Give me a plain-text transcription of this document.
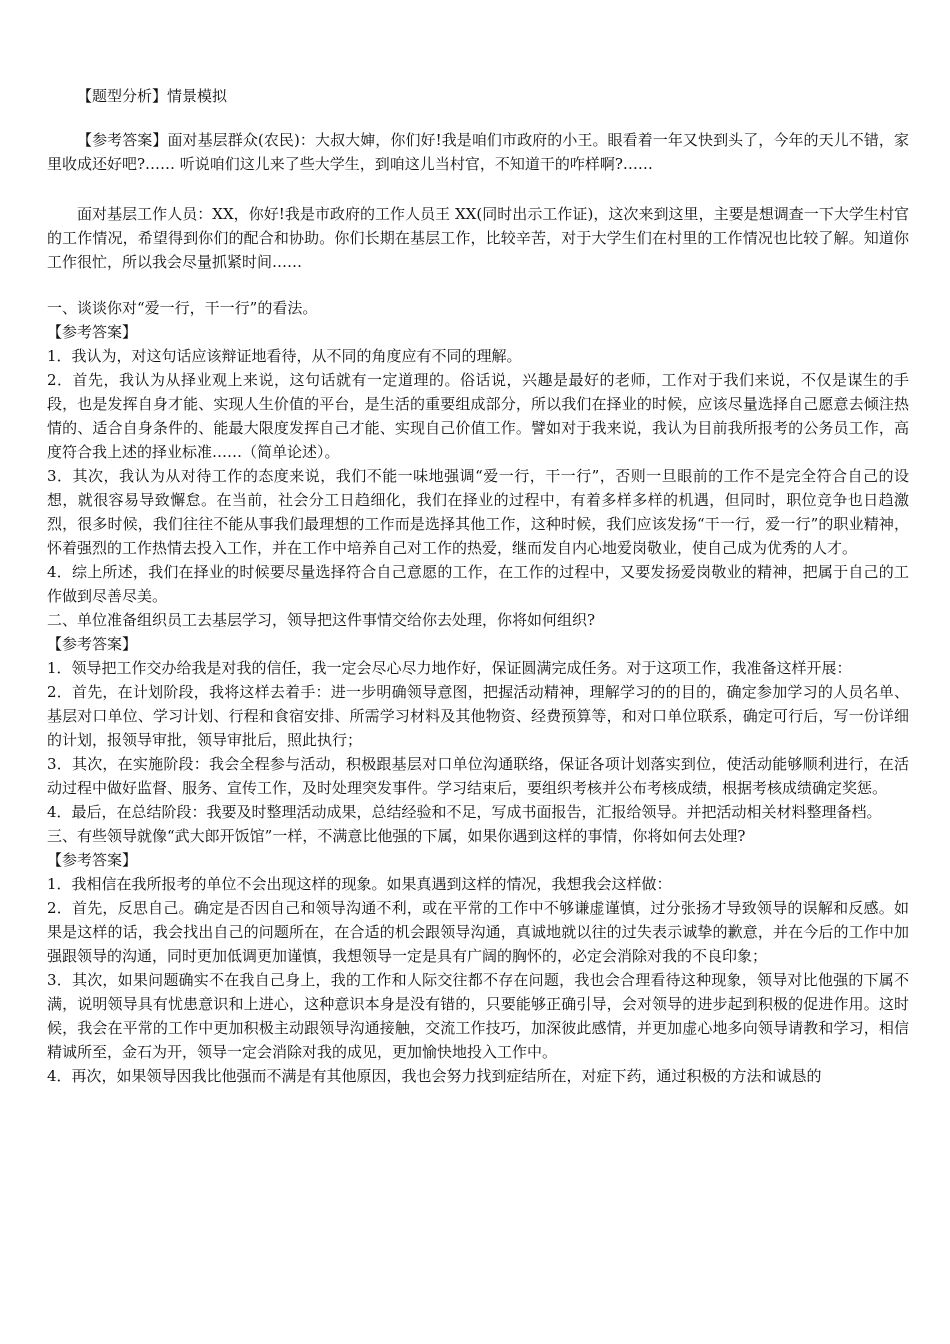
【题型分析】情景模拟

【参考答案】面对基层群众(农民)：大叔大婶，你们好!我是咱们市政府的小王。眼看着一年又快到头了，今年的天儿不错，家里收成还好吧?…… 听说咱们这儿来了些大学生，到咱这儿当村官，不知道干的咋样啊?……

面对基层工作人员：XX，你好!我是市政府的工作人员王 XX(同时出示工作证)，这次来到这里，主要是想调查一下大学生村官的工作情况，希望得到你们的配合和协助。你们长期在基层工作，比较辛苦，对于大学生们在村里的工作情况也比较了解。知道你工作很忙，所以我会尽量抓紧时间……

一、谈谈你对“爱一行，干一行”的看法。

【参考答案】

1．我认为，对这句话应该辩证地看待，从不同的角度应有不同的理解。

2．首先，我认为从择业观上来说，这句话就有一定道理的。俗话说，兴趣是最好的老师，工作对于我们来说，不仅是谋生的手段，也是发挥自身才能、实现人生价值的平台，是生活的重要组成部分，所以我们在择业的时候，应该尽量选择自己愿意去倾注热情的、适合自身条件的、能最大限度发挥自己才能、实现自己价值工作。譬如对于我来说，我认为目前我所报考的公务员工作，高度符合我上述的择业标准……（简单论述）。

3．其次，我认为从对待工作的态度来说，我们不能一味地强调“爱一行，干一行”，否则一旦眼前的工作不是完全符合自己的设想，就很容易导致懈怠。在当前，社会分工日趋细化，我们在择业的过程中，有着多样多样的机遇，但同时，职位竞争也日趋激烈，很多时候，我们往往不能从事我们最理想的工作而是选择其他工作，这种时候，我们应该发扬“干一行，爱一行”的职业精神，怀着强烈的工作热情去投入工作，并在工作中培养自己对工作的热爱，继而发自内心地爱岗敬业，使自己成为优秀的人才。

4．综上所述，我们在择业的时候要尽量选择符合自己意愿的工作，在工作的过程中，又要发扬爱岗敬业的精神，把属于自己的工作做到尽善尽美。

二、单位准备组织员工去基层学习，领导把这件事情交给你去处理，你将如何组织?

【参考答案】

1．领导把工作交办给我是对我的信任，我一定会尽心尽力地作好，保证圆满完成任务。对于这项工作，我准备这样开展：

2．首先，在计划阶段，我将这样去着手：进一步明确领导意图，把握活动精神，理解学习的的目的，确定参加学习的人员名单、基层对口单位、学习计划、行程和食宿安排、所需学习材料及其他物资、经费预算等，和对口单位联系，确定可行后，写一份详细的计划，报领导审批，领导审批后，照此执行；

3．其次，在实施阶段：我会全程参与活动，积极跟基层对口单位沟通联络，保证各项计划落实到位，使活动能够顺利进行，在活动过程中做好监督、服务、宣传工作，及时处理突发事件。学习结束后，要组织考核并公布考核成绩，根据考核成绩确定奖惩。

4．最后，在总结阶段：我要及时整理活动成果，总结经验和不足，写成书面报告，汇报给领导。并把活动相关材料整理备档。

三、有些领导就像“武大郎开饭馆”一样，不满意比他强的下属，如果你遇到这样的事情，你将如何去处理?

【参考答案】

1．我相信在我所报考的单位不会出现这样的现象。如果真遇到这样的情况，我想我会这样做：

2．首先，反思自己。确定是否因自己和领导沟通不利，或在平常的工作中不够谦虚谨慎，过分张扬才导致领导的误解和反感。如果是这样的话，我会找出自己的问题所在，在合适的机会跟领导沟通，真诚地就以往的过失表示诚挚的歉意，并在今后的工作中加强跟领导的沟通，同时更加低调更加谨慎，我想领导一定是具有广阔的胸怀的，必定会消除对我的不良印象；

3．其次，如果问题确实不在我自己身上，我的工作和人际交往都不存在问题，我也会合理看待这种现象，领导对比他强的下属不满，说明领导具有忧患意识和上进心，这种意识本身是没有错的，只要能够正确引导，会对领导的进步起到积极的促进作用。这时候，我会在平常的工作中更加积极主动跟领导沟通接触，交流工作技巧，加深彼此感情，并更加虚心地多向领导请教和学习，相信精诚所至，金石为开，领导一定会消除对我的成见，更加愉快地投入工作中。

4．再次，如果领导因我比他强而不满是有其他原因，我也会努力找到症结所在，对症下药，通过积极的方法和诚恳的
